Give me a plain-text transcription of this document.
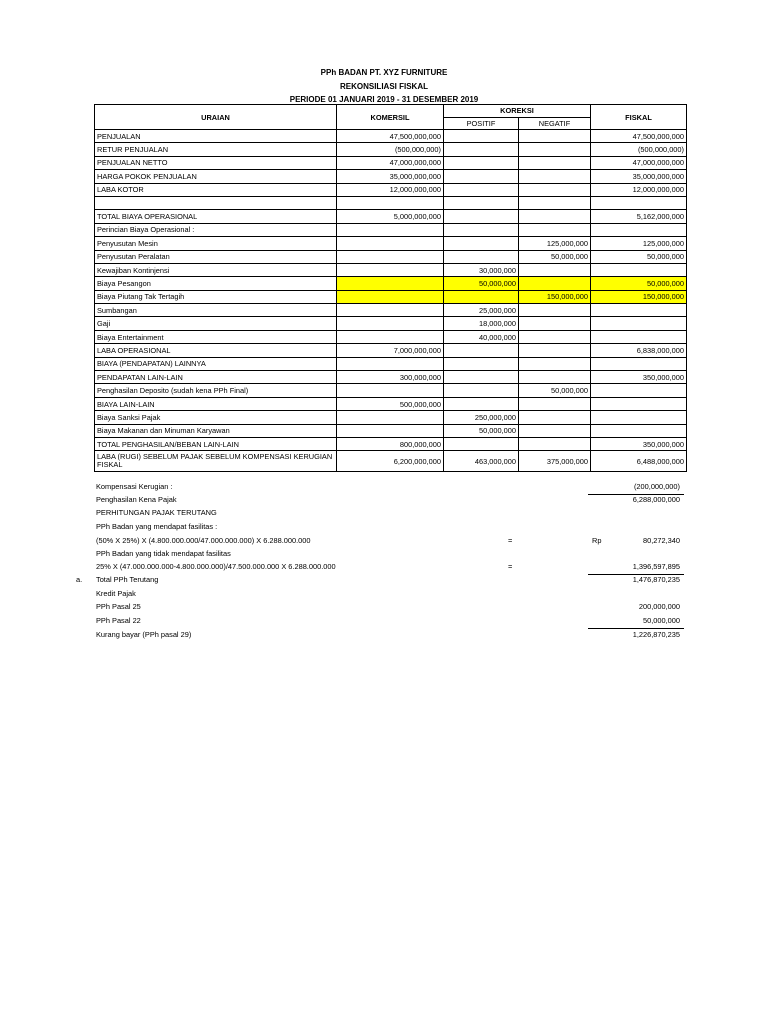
PPh BADAN PT. XYZ FURNITURE
REKONSILIASI FISKAL
PERIODE 01 JANUARI 2019 - 31 DESEMBER 2019
URAIAN	KOMERSIL	KOREKSI		FISKAL
		POSITIF	NEGATIF	
PENJUALAN	47,500,000,000			47,500,000,000
RETUR PENJUALAN	(500,000,000)			(500,000,000)
PENJUALAN NETTO	47,000,000,000			47,000,000,000
HARGA POKOK PENJUALAN	35,000,000,000			35,000,000,000
LABA KOTOR	12,000,000,000			12,000,000,000

TOTAL BIAYA OPERASIONAL	5,000,000,000			5,162,000,000
Perincian Biaya Operasional :				
Penyusutan Mesin			125,000,000	125,000,000
Penyusutan Peralatan			50,000,000	50,000,000
Kewajiban Kontinjensi		30,000,000		
Biaya Pesangon		50,000,000		50,000,000
Biaya Piutang Tak Tertagih			150,000,000	150,000,000
Sumbangan		25,000,000		
Gaji		18,000,000		
Biaya Entertainment		40,000,000		
LABA OPERASIONAL	7,000,000,000			6,838,000,000
BIAYA (PENDAPATAN) LAINNYA				
PENDAPATAN LAIN-LAIN	300,000,000			350,000,000
Penghasilan Deposito (sudah kena PPh Final)			50,000,000	
BIAYA LAIN-LAIN	500,000,000			
Biaya Sanksi Pajak		250,000,000		
Biaya Makanan dan Minuman Karyawan		50,000,000		
TOTAL PENGHASILAN/BEBAN LAIN-LAIN	800,000,000			350,000,000
LABA (RUGI) SEBELUM PAJAK SEBELUM KOMPENSASI KERUGIAN FISKAL	6,200,000,000	463,000,000	375,000,000	6,488,000,000
Kompensasi Kerugian :	(200,000,000)
Penghasilan Kena Pajak	6,288,000,000
PERHITUNGAN PAJAK TERUTANG
PPh Badan yang mendapat fasilitas :
(50% X 25%) X (4.800.000.000/47.000.000.000) X 6.288.000.000	=	Rp	80,272,340
PPh Badan yang tidak mendapat fasilitas
25% X (47.000.000.000-4.800.000.000)/47.500.000.000 X 6.288.000.000	=	1,396,597,895
a. Total PPh Terutang	1,476,870,235
Kredit Pajak
PPh Pasal 25	200,000,000
PPh Pasal 22	50,000,000
Kurang bayar (PPh pasal 29)	1,226,870,235
